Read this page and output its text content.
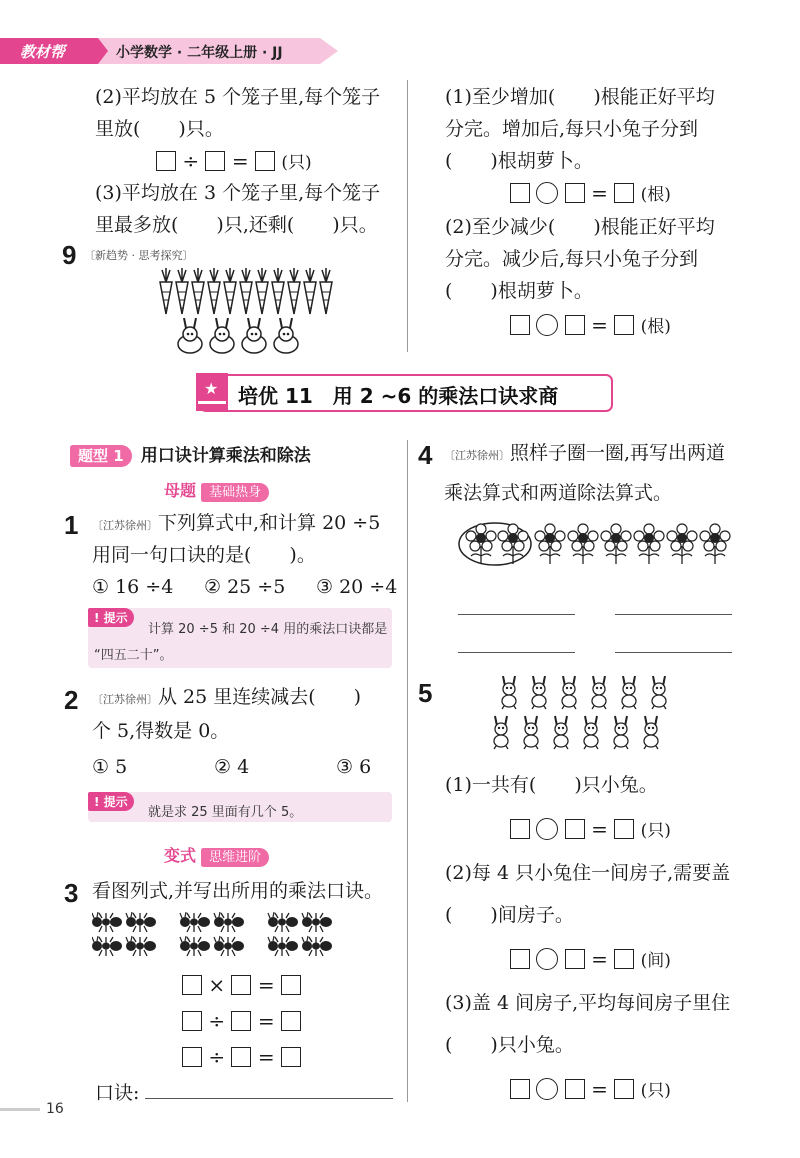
教材帮	小学数学 · 二年级上册 · JJ
(2)平均放在 5 个笼子里,每个笼子
里放(　　)只。
÷ = (只)
(3)平均放在 3 个笼子里,每个笼子
里最多放(　　)只,还剩(　　)只。
9 〔新趋势 · 思考探究〕
(1)至少增加(　　)根能正好平均
分完。增加后,每只小兔子分到
(　　)根胡萝卜。
= (根)
(2)至少减少(　　)根能正好平均
分完。减少后,每只小兔子分到
(　　)根胡萝卜。
= (根)
★ 培优 11　用 2 ~6 的乘法口诀求商
题型 1 用口诀计算乘法和除法
母题 基础热身
1 〔江苏徐州〕下列算式中,和计算 20 ÷5
用同一句口诀的是(　　)。
① 16 ÷4 ② 25 ÷5 ③ 20 ÷4
! 提示
计算 20 ÷5 和 20 ÷4 用的乘法口诀都是
“四五二十”。
2 〔江苏徐州〕从 25 里连续减去(　　)
个 5,得数是 0。
① 5	② 4	③ 6
! 提示
就是求 25 里面有几个 5。
变式 思维进阶
3 看图列式,并写出所用的乘法口诀。
× =
÷ =
÷ =
口诀:
4 〔江苏徐州〕照样子圈一圈,再写出两道
乘法算式和两道除法算式。
5
(1)一共有(　　)只小兔。
= (只)
(2)每 4 只小兔住一间房子,需要盖
(　　)间房子。
= (间)
(3)盖 4 间房子,平均每间房子里住
(　　)只小兔。
= (只)
16
